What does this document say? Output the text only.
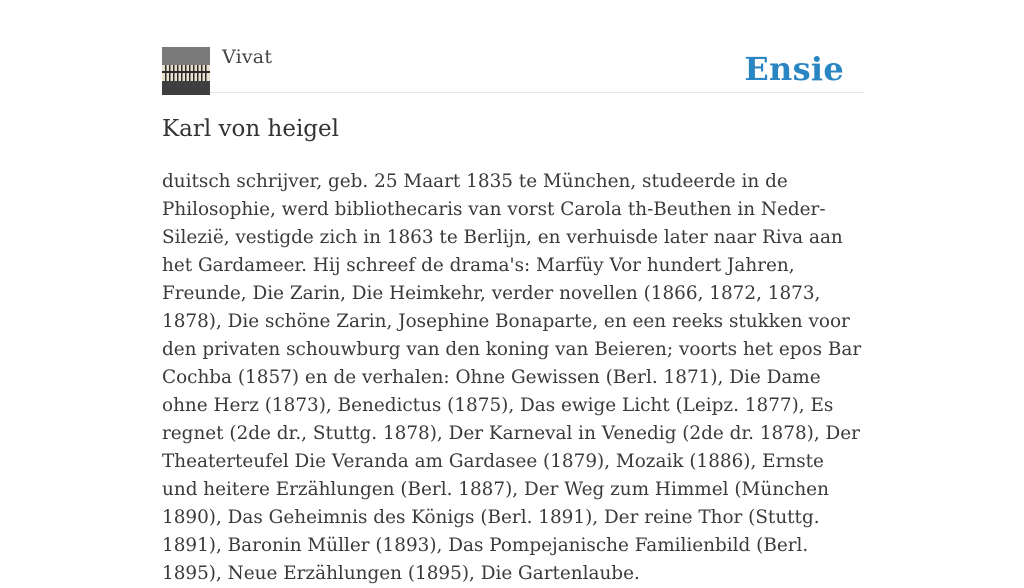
Vivat	Ensie
Karl von heigel

duitsch schrijver, geb. 25 Maart 1835 te München, studeerde in de Philosophie, werd bibliothecaris van vorst Carola th-Beuthen in Neder-Silezië, vestigde zich in 1863 te Berlijn, en verhuisde later naar Riva aan het Gardameer. Hij schreef de drama's: Marfüy Vor hundert Jahren, Freunde, Die Zarin, Die Heimkehr, verder novellen (1866, 1872, 1873, 1878), Die schöne Zarin, Josephine Bonaparte, en een reeks stukken voor den privaten schouwburg van den koning van Beieren; voorts het epos Bar Cochba (1857) en de verhalen: Ohne Gewissen (Berl. 1871), Die Dame ohne Herz (1873), Benedictus (1875), Das ewige Licht (Leipz. 1877), Es regnet (2de dr., Stuttg. 1878), Der Karneval in Venedig (2de dr. 1878), Der Theaterteufel Die Veranda am Gardasee (1879), Mozaik (1886), Ernste und heitere Erzählungen (Berl. 1887), Der Weg zum Himmel (München 1890), Das Geheimnis des Königs (Berl. 1891), Der reine Thor (Stuttg. 1891), Baronin Müller (1893), Das Pompejanische Familienbild (Berl. 1895), Neue Erzählungen (1895), Die Gartenlaube.
